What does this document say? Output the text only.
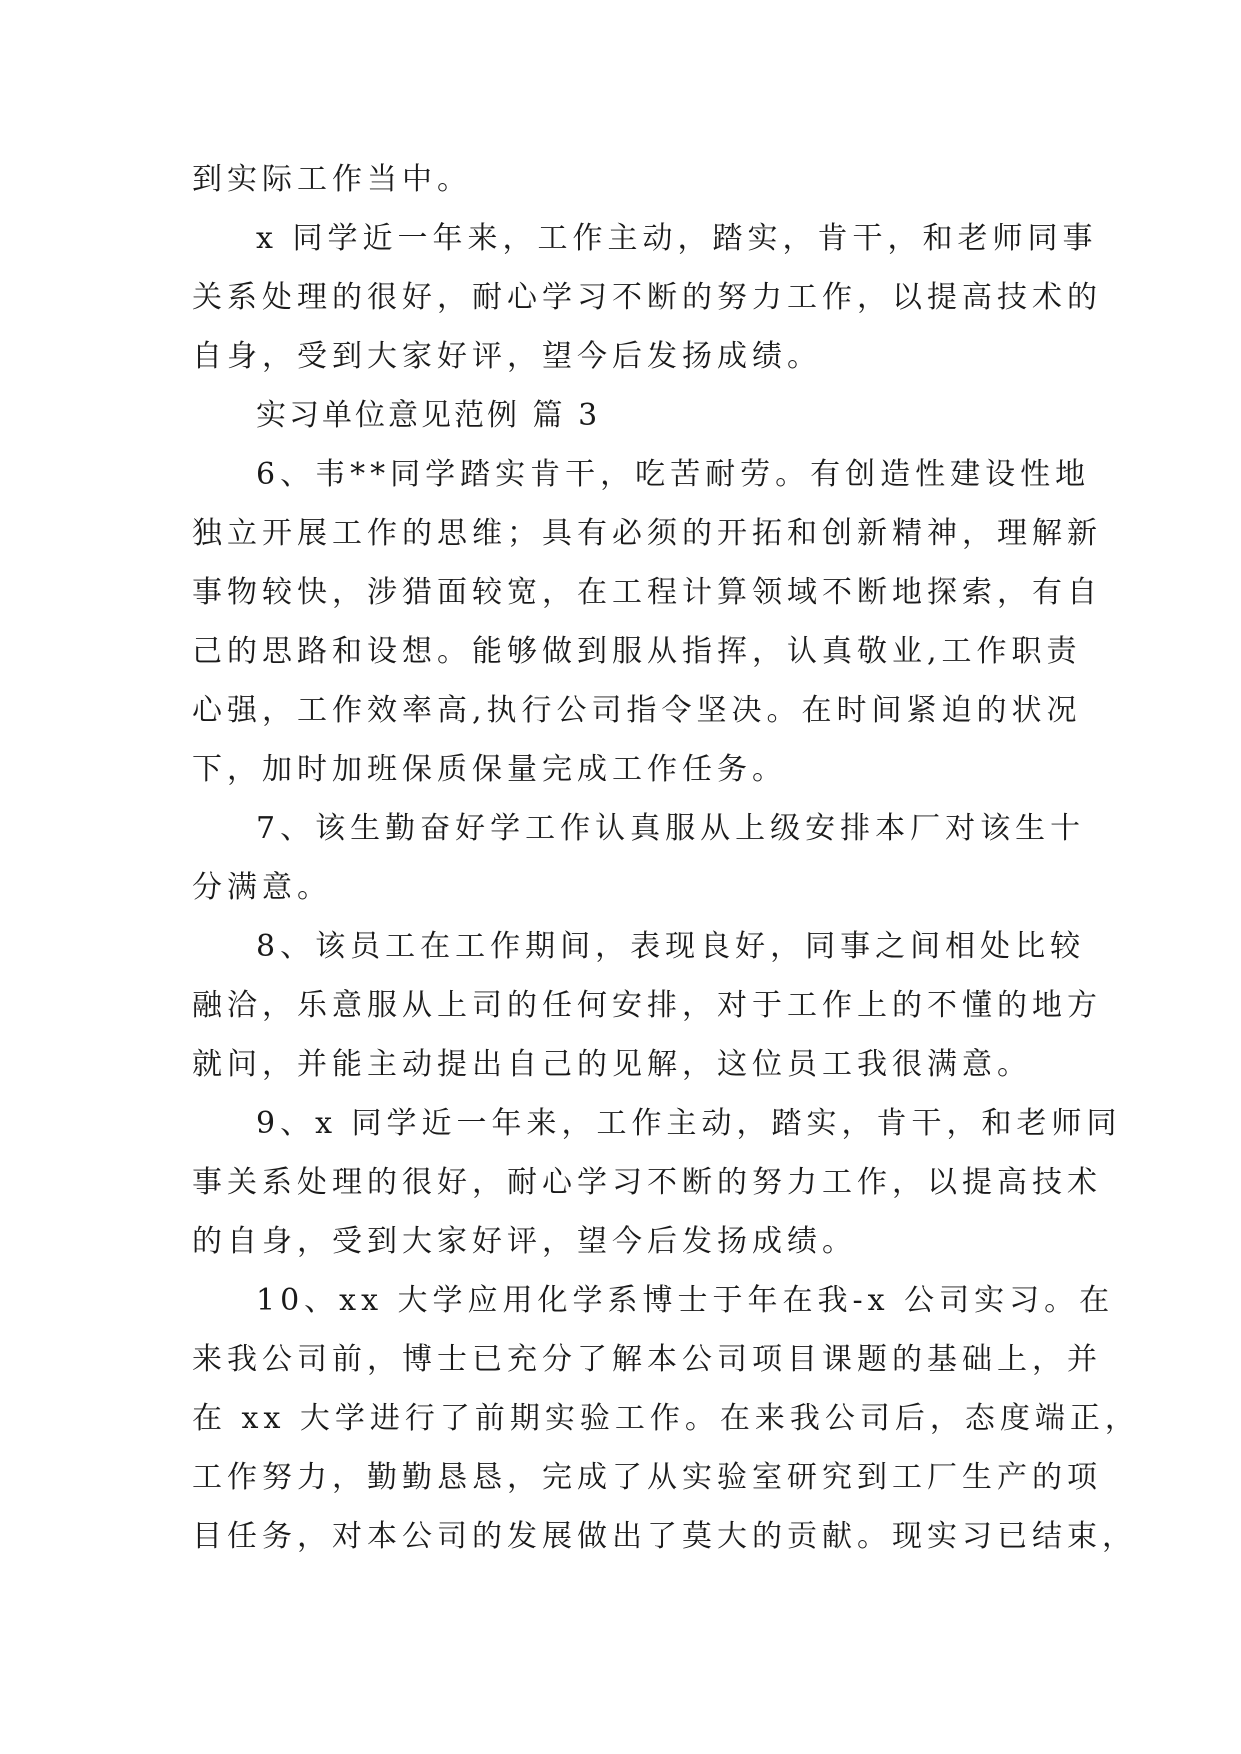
到实际工作当中。
x 同学近一年来，工作主动，踏实，肯干，和老师同事
关系处理的很好，耐心学习不断的努力工作，以提高技术的
自身，受到大家好评，望今后发扬成绩。
实习单位意见范例 篇 3
6、韦**同学踏实肯干，吃苦耐劳。有创造性建设性地
独立开展工作的思维；具有必须的开拓和创新精神，理解新
事物较快，涉猎面较宽，在工程计算领域不断地探索，有自
己的思路和设想。能够做到服从指挥，认真敬业,工作职责
心强，工作效率高,执行公司指令坚决。在时间紧迫的状况
下，加时加班保质保量完成工作任务。
7、该生勤奋好学工作认真服从上级安排本厂对该生十
分满意。
8、该员工在工作期间，表现良好，同事之间相处比较
融洽，乐意服从上司的任何安排，对于工作上的不懂的地方
就问，并能主动提出自己的见解，这位员工我很满意。
9、x 同学近一年来，工作主动，踏实，肯干，和老师同
事关系处理的很好，耐心学习不断的努力工作，以提高技术
的自身，受到大家好评，望今后发扬成绩。
10、xx 大学应用化学系博士于年在我-x 公司实习。在
来我公司前，博士已充分了解本公司项目课题的基础上，并
在 xx 大学进行了前期实验工作。在来我公司后，态度端正，
工作努力，勤勤恳恳，完成了从实验室研究到工厂生产的项
目任务，对本公司的发展做出了莫大的贡献。现实习已结束，
